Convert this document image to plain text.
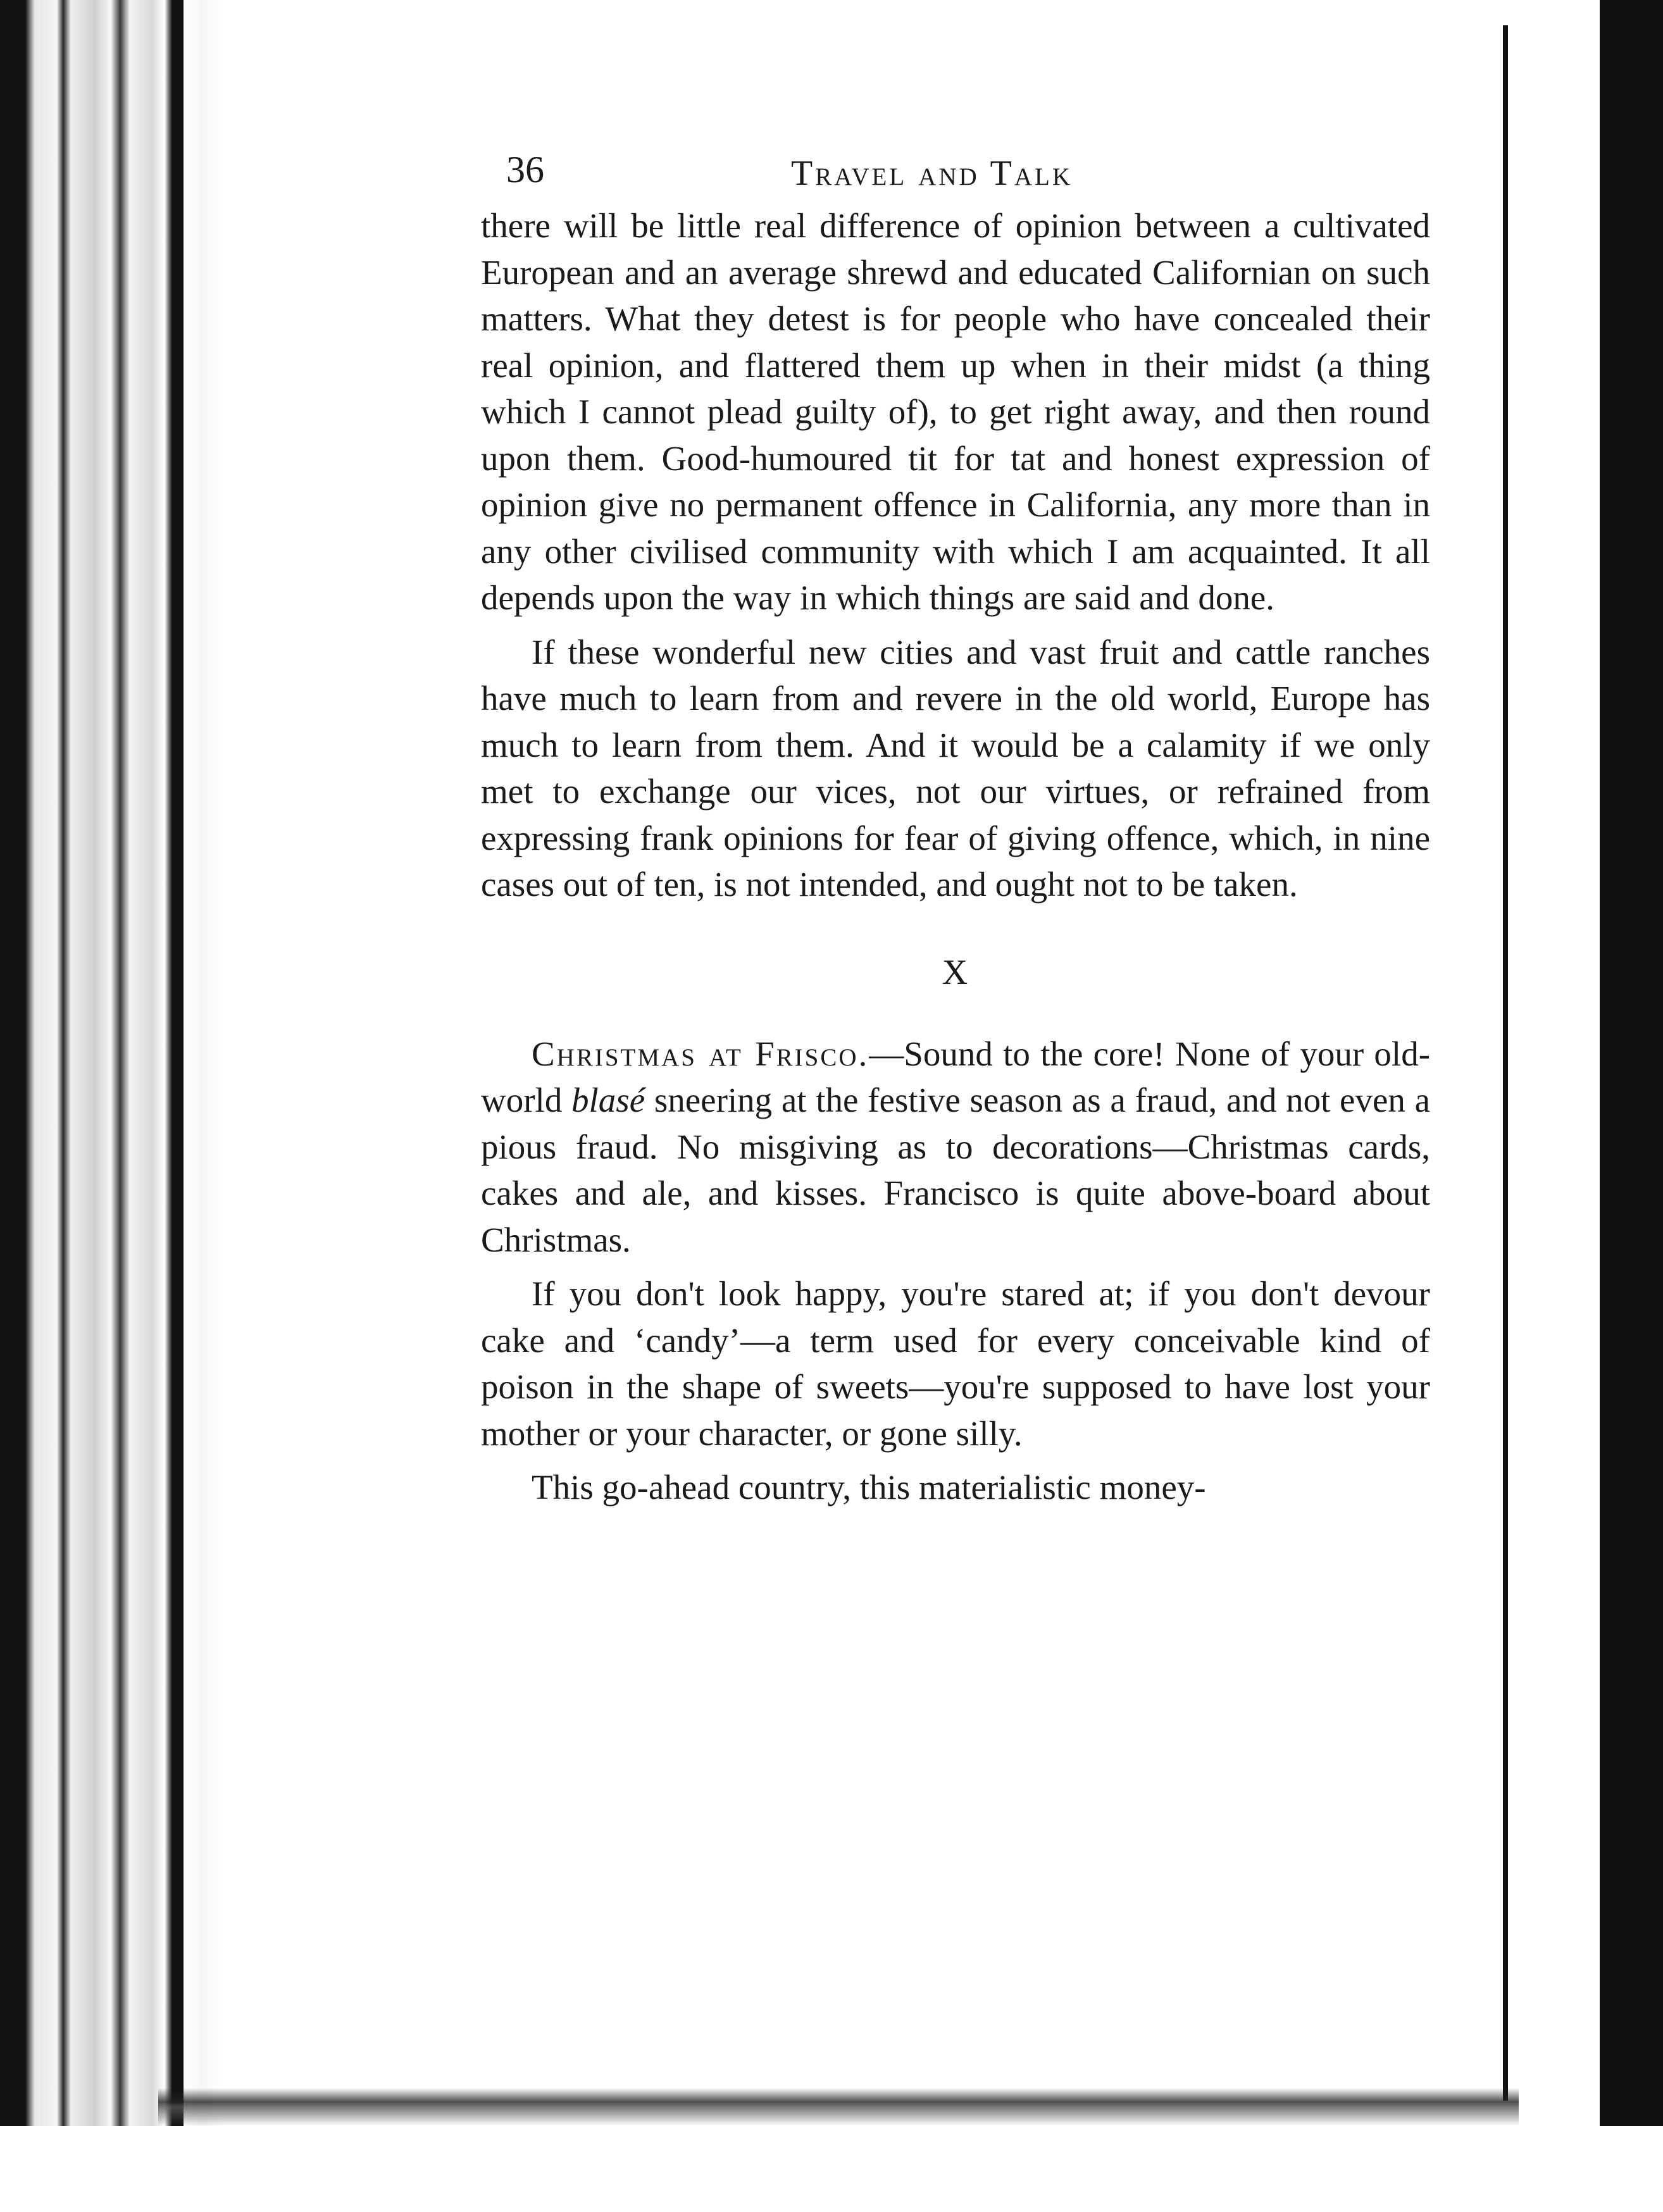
36	Travel and Talk

there will be little real difference of opinion between a cultivated European and an average shrewd and educated Californian on such matters. What they detest is for people who have concealed their real opinion, and flattered them up when in their midst (a thing which I cannot plead guilty of), to get right away, and then round upon them. Good-humoured tit for tat and honest expression of opinion give no permanent offence in California, any more than in any other civilised community with which I am acquainted. It all depends upon the way in which things are said and done.

If these wonderful new cities and vast fruit and cattle ranches have much to learn from and revere in the old world, Europe has much to learn from them. And it would be a calamity if we only met to exchange our vices, not our virtues, or refrained from expressing frank opinions for fear of giving offence, which, in nine cases out of ten, is not intended, and ought not to be taken.

X

Christmas at Frisco.—Sound to the core! None of your old-world blasé sneering at the festive season as a fraud, and not even a pious fraud. No misgiving as to decorations—Christmas cards, cakes and ale, and kisses. Francisco is quite above-board about Christmas.

If you don't look happy, you're stared at; if you don't devour cake and ‘candy’—a term used for every conceivable kind of poison in the shape of sweets—you're supposed to have lost your mother or your character, or gone silly.

This go-ahead country, this materialistic money-
